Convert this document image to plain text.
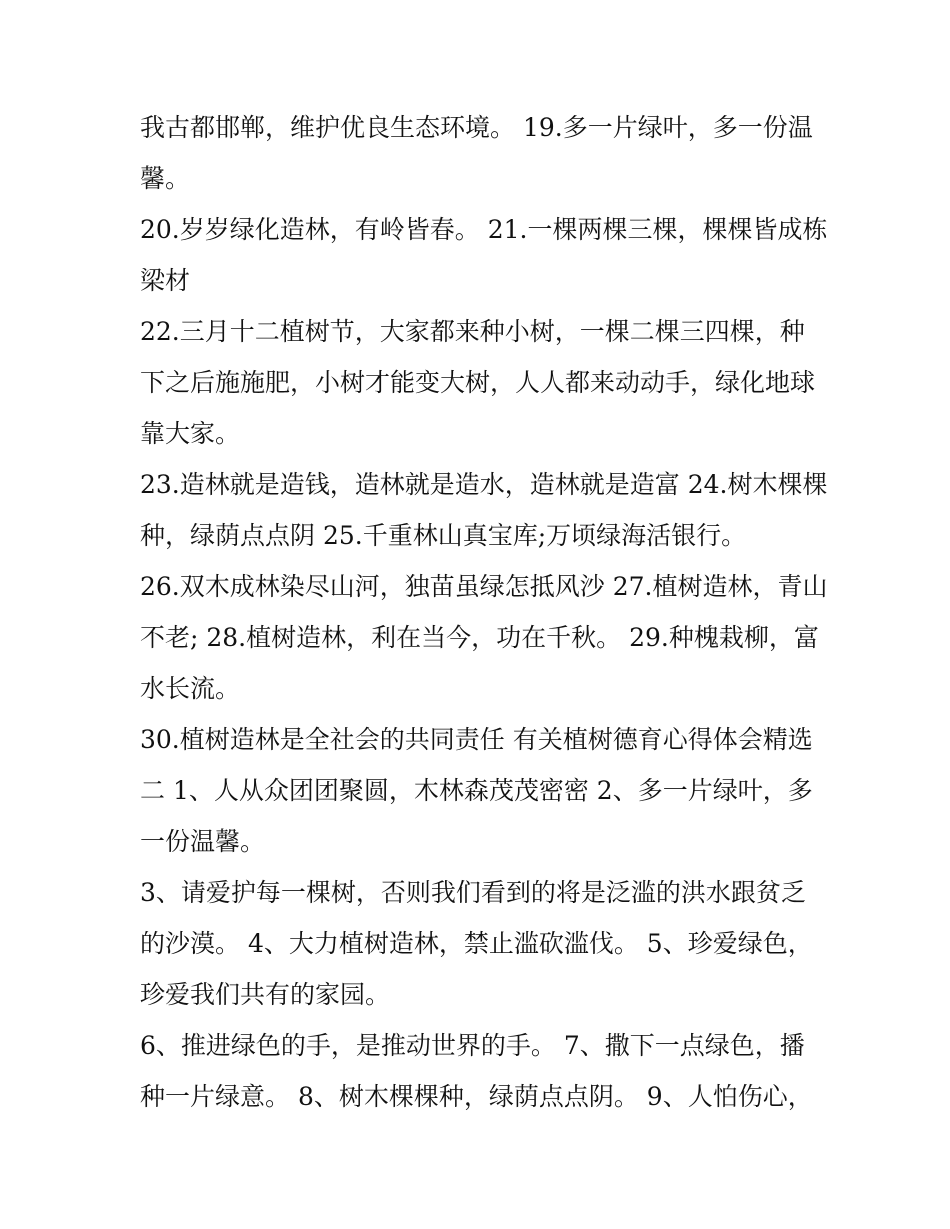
我古都邯郸，维护优良生态环境。 19.多一片绿叶，多一份温

馨。

20.岁岁绿化造林，有岭皆春。 21.一棵两棵三棵，棵棵皆成栋

梁材

22.三月十二植树节，大家都来种小树，一棵二棵三四棵，种

下之后施施肥，小树才能变大树，人人都来动动手，绿化地球

靠大家。

23.造林就是造钱，造林就是造水，造林就是造富 24.树木棵棵

种，绿荫点点阴 25.千重林山真宝库;万顷绿海活银行。

26.双木成林染尽山河，独苗虽绿怎抵风沙 27.植树造林，青山

不老; 28.植树造林，利在当今，功在千秋。 29.种槐栽柳，富

水长流。

30.植树造林是全社会的共同责任 有关植树德育心得体会精选

二 1、人从众团团聚圆，木林森茂茂密密 2、多一片绿叶，多

一份温馨。

3、请爱护每一棵树，否则我们看到的将是泛滥的洪水跟贫乏

的沙漠。 4、大力植树造林，禁止滥砍滥伐。 5、珍爱绿色，

珍爱我们共有的家园。

6、推进绿色的手，是推动世界的手。 7、撒下一点绿色，播

种一片绿意。 8、树木棵棵种，绿荫点点阴。 9、人怕伤心，
